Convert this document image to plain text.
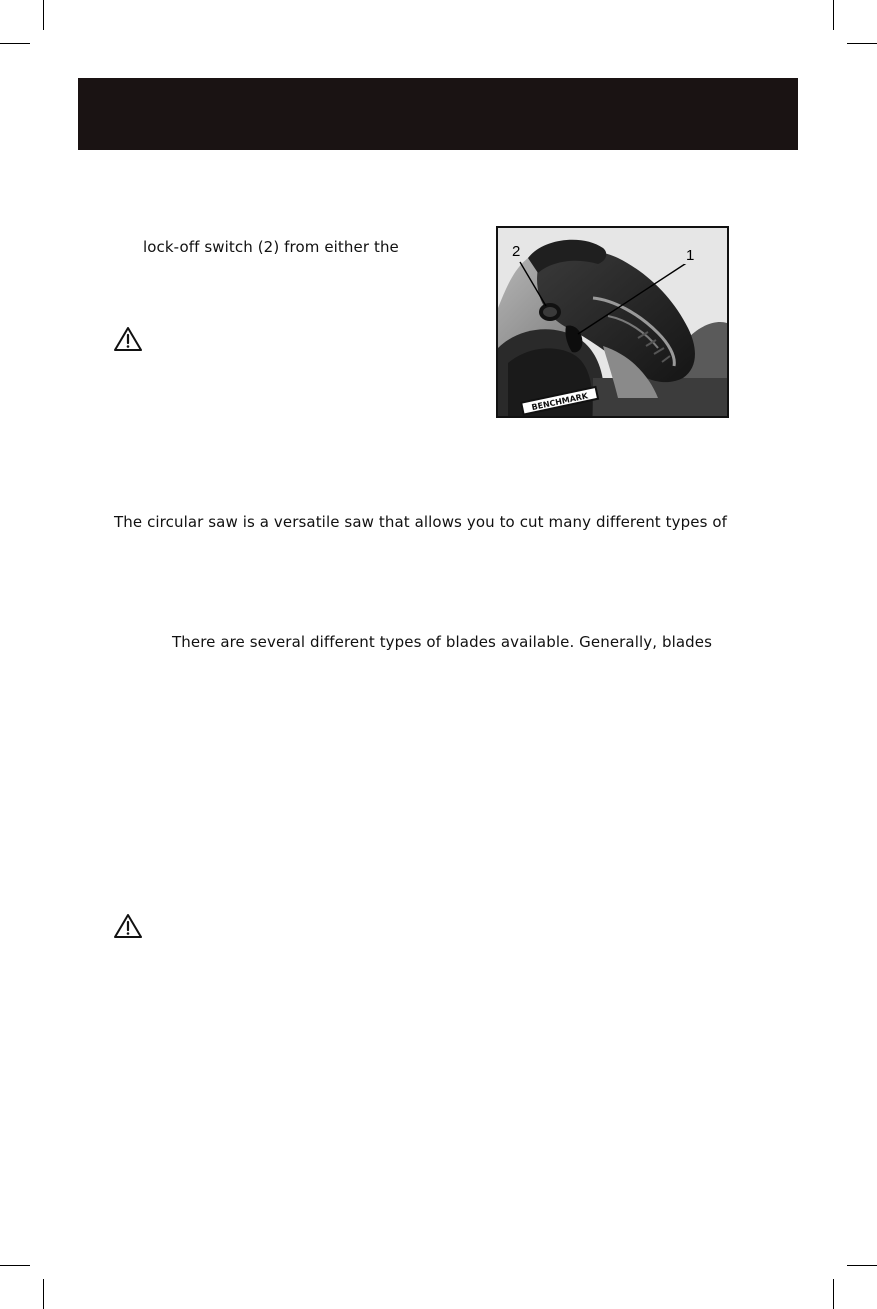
lock-off switch (2) from either the
BENCHMARK
2	1
The circular saw is a versatile saw that allows you to cut many different types of
There are several different types of blades available. Generally, blades
